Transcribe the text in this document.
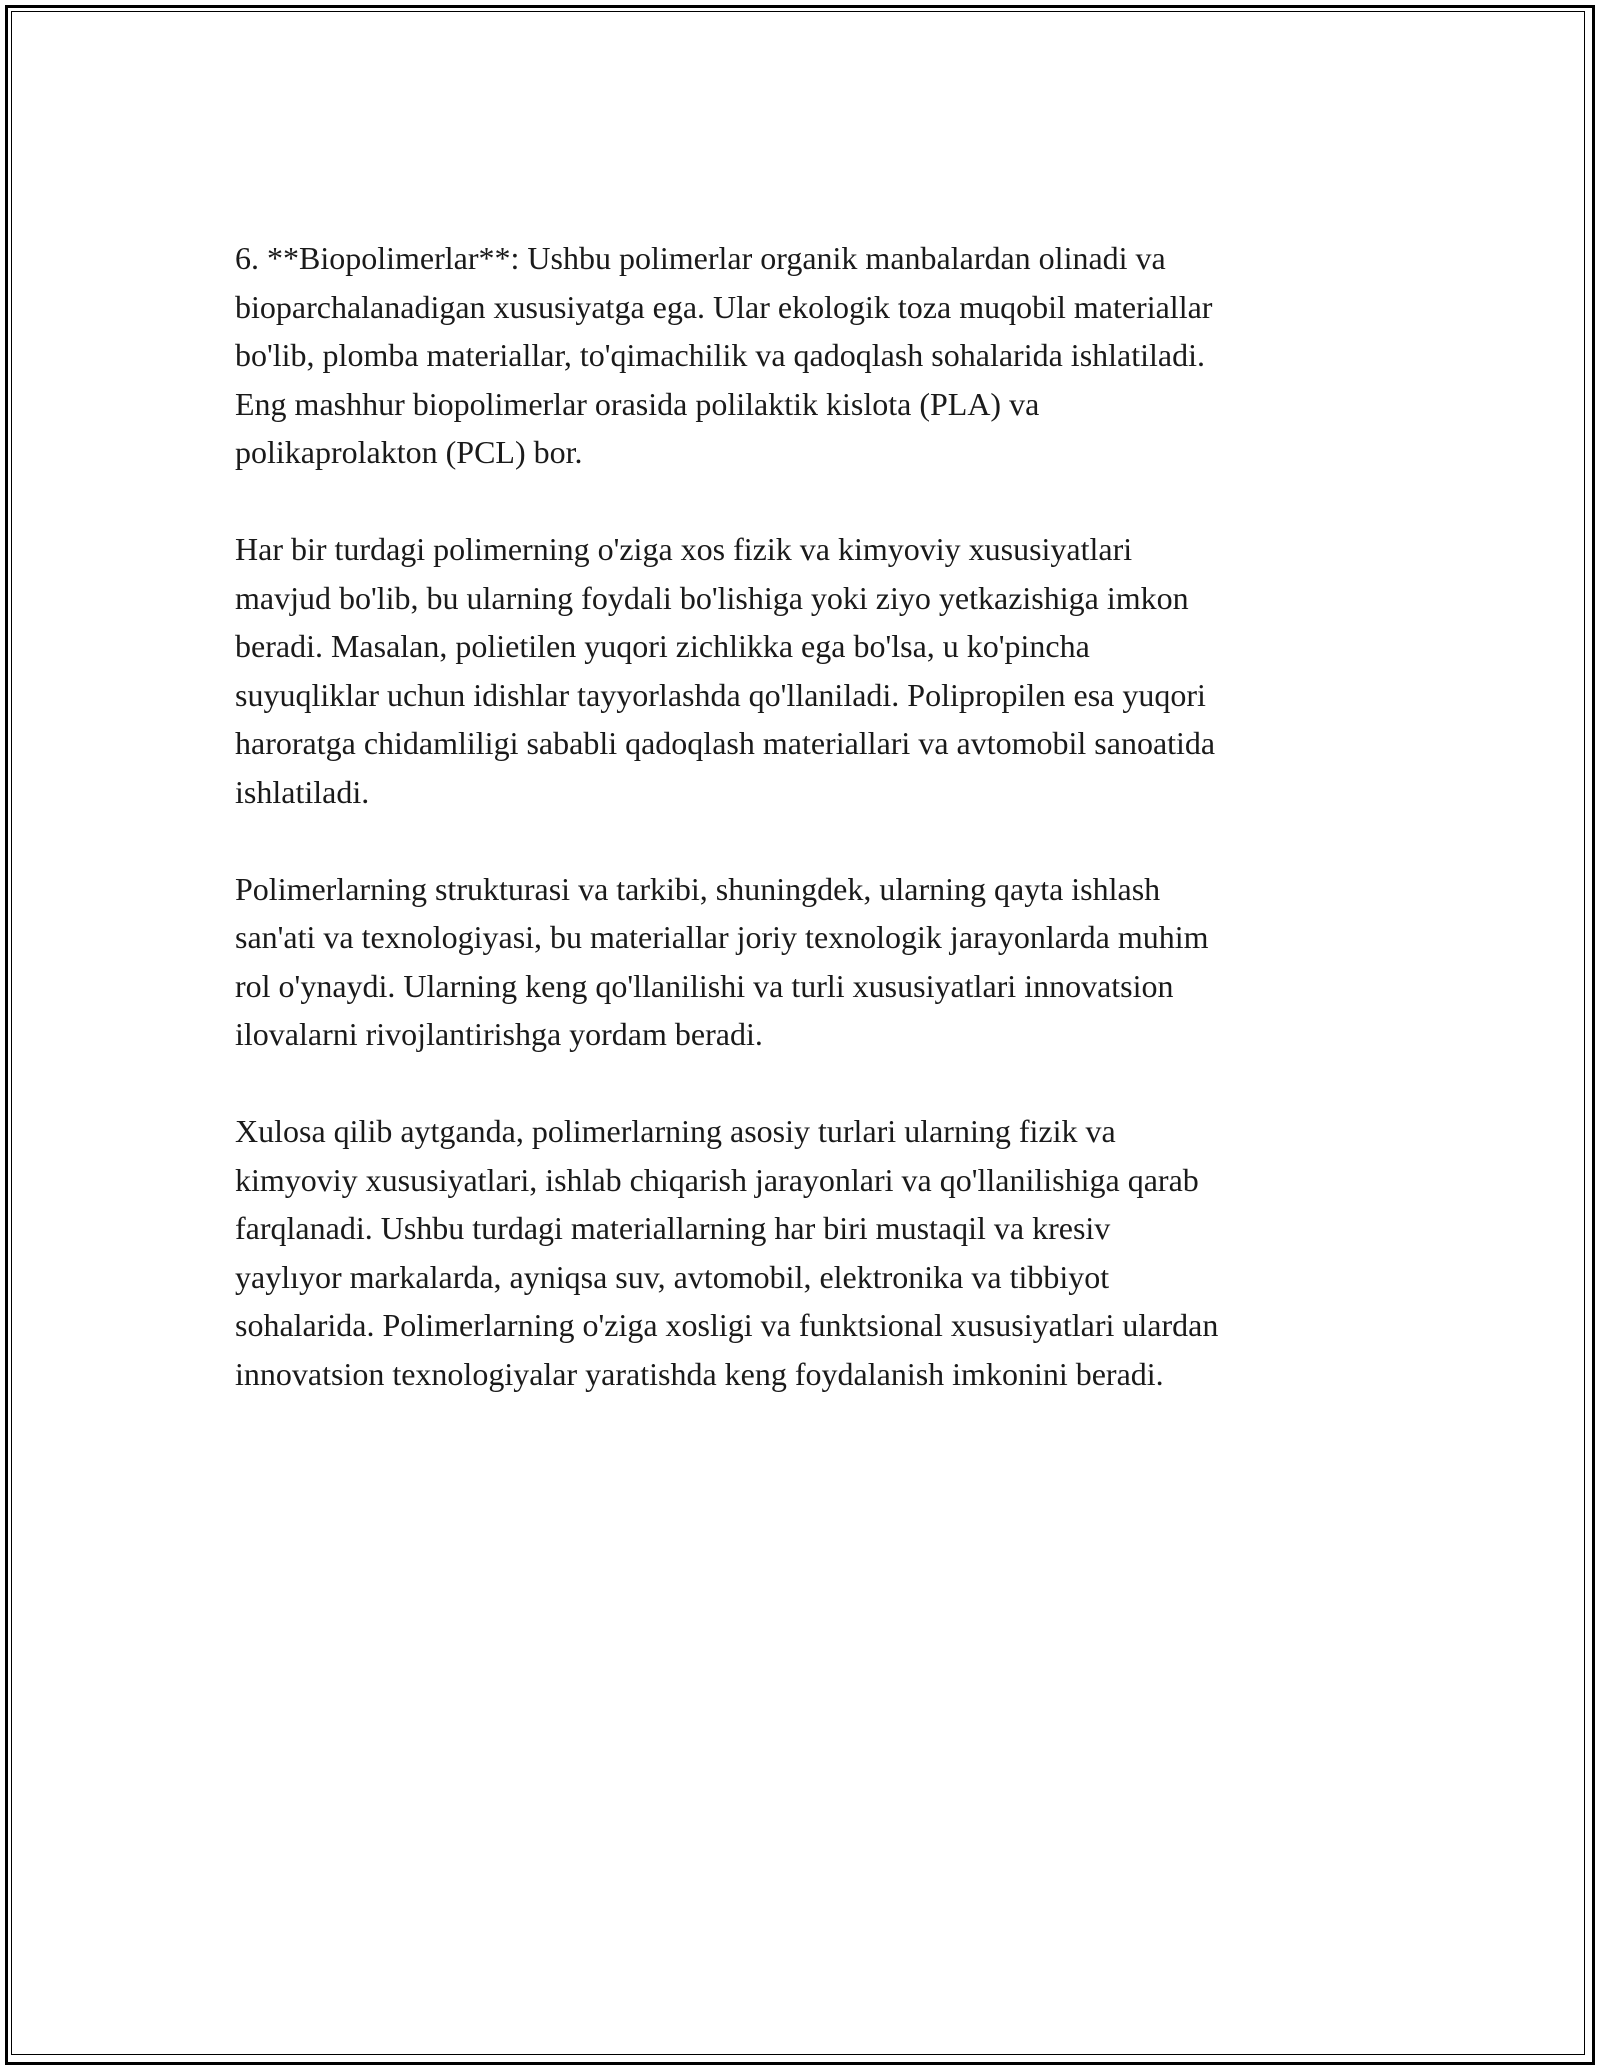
6. **Biopolimerlar**: Ushbu polimerlar organik manbalardan olinadi va
bioparchalanadigan xususiyatga ega. Ular ekologik toza muqobil materiallar
bo'lib, plomba materiallar, to'qimachilik va qadoqlash sohalarida ishlatiladi.
Eng mashhur biopolimerlar orasida polilaktik kislota (PLA) va
polikaprolakton (PCL) bor.

Har bir turdagi polimerning o'ziga xos fizik va kimyoviy xususiyatlari
mavjud bo'lib, bu ularning foydali bo'lishiga yoki ziyo yetkazishiga imkon
beradi. Masalan, polietilen yuqori zichlikka ega bo'lsa, u ko'pincha
suyuqliklar uchun idishlar tayyorlashda qo'llaniladi. Polipropilen esa yuqori
haroratga chidamliligi sababli qadoqlash materiallari va avtomobil sanoatida
ishlatiladi.

Polimerlarning strukturasi va tarkibi, shuningdek, ularning qayta ishlash
san'ati va texnologiyasi, bu materiallar joriy texnologik jarayonlarda muhim
rol o'ynaydi. Ularning keng qo'llanilishi va turli xususiyatlari innovatsion
ilovalarni rivojlantirishga yordam beradi.

Xulosa qilib aytganda, polimerlarning asosiy turlari ularning fizik va
kimyoviy xususiyatlari, ishlab chiqarish jarayonlari va qo'llanilishiga qarab
farqlanadi. Ushbu turdagi materiallarning har biri mustaqil va kresiv
yaylıyor markalarda, ayniqsa suv, avtomobil, elektronika va tibbiyot
sohalarida. Polimerlarning o'ziga xosligi va funktsional xususiyatlari ulardan
innovatsion texnologiyalar yaratishda keng foydalanish imkonini beradi.
